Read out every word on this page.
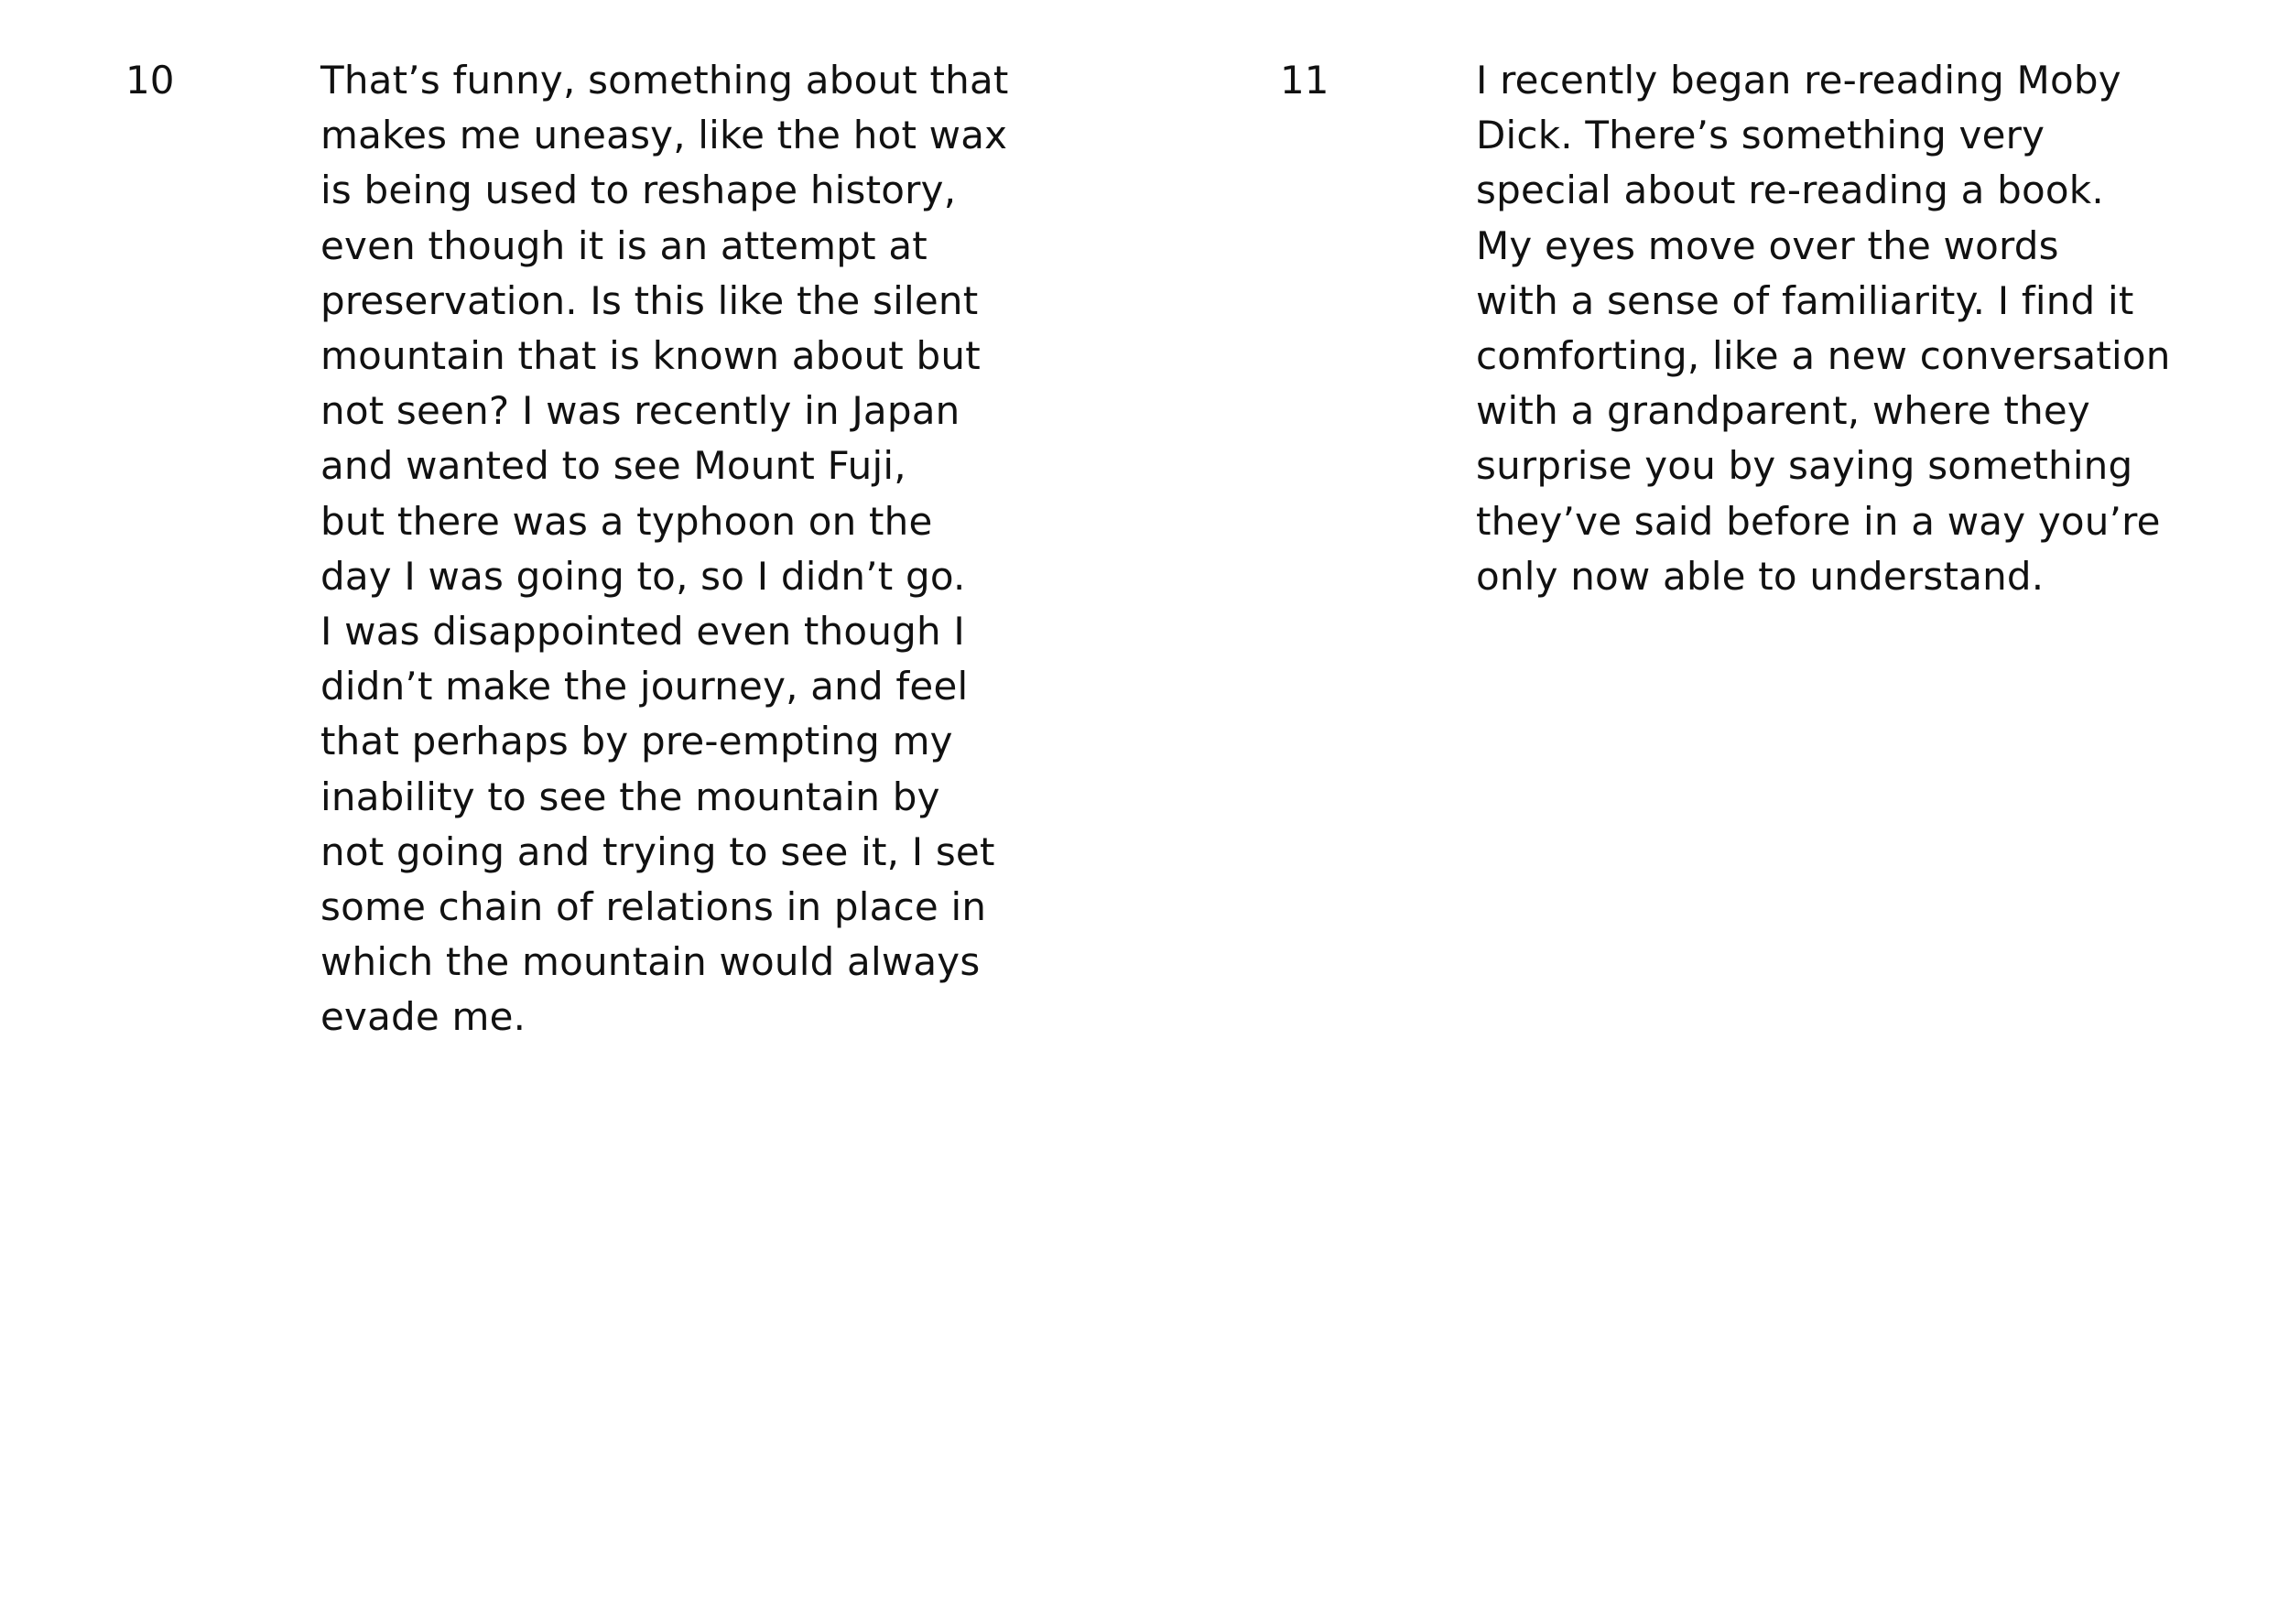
10	That’s funny, something about that
makes me uneasy, like the hot wax
is being used to reshape history,
even though it is an attempt at
preservation. Is this like the silent
mountain that is known about but
not seen? I was recently in Japan
and wanted to see Mount Fuji,
but there was a typhoon on the
day I was going to, so I didn’t go.
I was disappointed even though I
didn’t make the journey, and feel
that perhaps by pre-empting my
inability to see the mountain by
not going and trying to see it, I set
some chain of relations in place in
which the mountain would always
evade me.
11	I recently began re-reading Moby
Dick. There’s something very
special about re-reading a book.
My eyes move over the words
with a sense of familiarity. I find it
comforting, like a new conversation
with a grandparent, where they
surprise you by saying something
they’ve said before in a way you’re
only now able to understand.
